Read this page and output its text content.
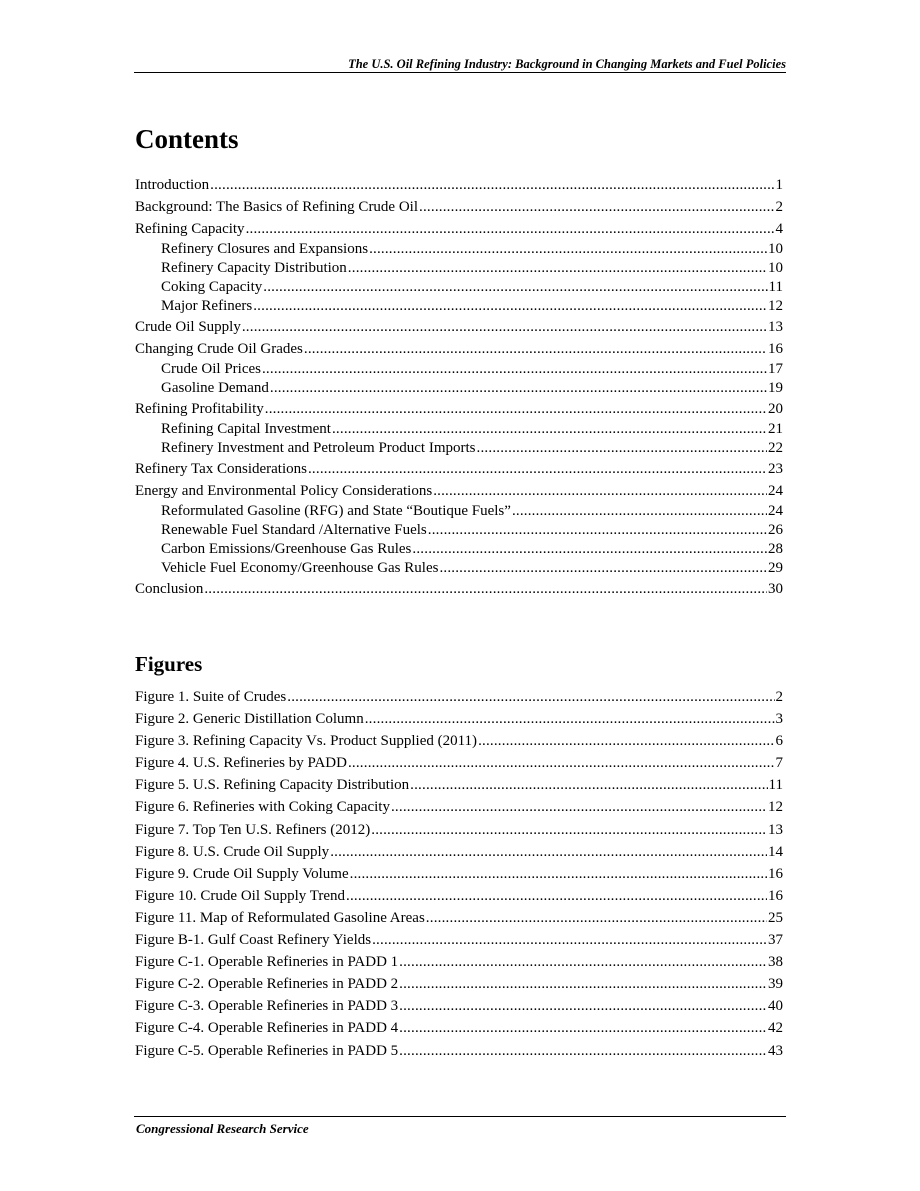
The U.S. Oil Refining Industry: Background in Changing Markets and Fuel Policies
Contents
Introduction .....	1
Background: The Basics of Refining Crude Oil .....	2
Refining Capacity .....	4
Refinery Closures and Expansions .....	10
Refinery Capacity Distribution .....	10
Coking Capacity .....	11
Major Refiners .....	12
Crude Oil Supply .....	13
Changing Crude Oil Grades .....	16
Crude Oil Prices .....	17
Gasoline Demand .....	19
Refining Profitability .....	20
Refining Capital Investment .....	21
Refinery Investment and Petroleum Product Imports .....	22
Refinery Tax Considerations .....	23
Energy and Environmental Policy Considerations .....	24
Reformulated Gasoline (RFG) and State “Boutique Fuels” .....	24
Renewable Fuel Standard /Alternative Fuels .....	26
Carbon Emissions/Greenhouse Gas Rules .....	28
Vehicle Fuel Economy/Greenhouse Gas Rules .....	29
Conclusion .....	30
Figures
Figure 1. Suite of Crudes .....	2
Figure 2. Generic Distillation Column .....	3
Figure 3. Refining Capacity Vs. Product Supplied (2011) .....	6
Figure 4. U.S. Refineries by PADD .....	7
Figure 5. U.S. Refining Capacity Distribution .....	11
Figure 6. Refineries with Coking Capacity .....	12
Figure 7. Top Ten U.S. Refiners (2012) .....	13
Figure 8. U.S. Crude Oil Supply .....	14
Figure 9. Crude Oil Supply Volume .....	16
Figure 10. Crude Oil Supply Trend .....	16
Figure 11. Map of Reformulated Gasoline Areas .....	25
Figure B-1. Gulf Coast Refinery Yields .....	37
Figure C-1. Operable Refineries in PADD 1 .....	38
Figure C-2. Operable Refineries in PADD 2 .....	39
Figure C-3. Operable Refineries in PADD 3 .....	40
Figure C-4. Operable Refineries in PADD 4 .....	42
Figure C-5. Operable Refineries in PADD 5 .....	43
Congressional Research Service
